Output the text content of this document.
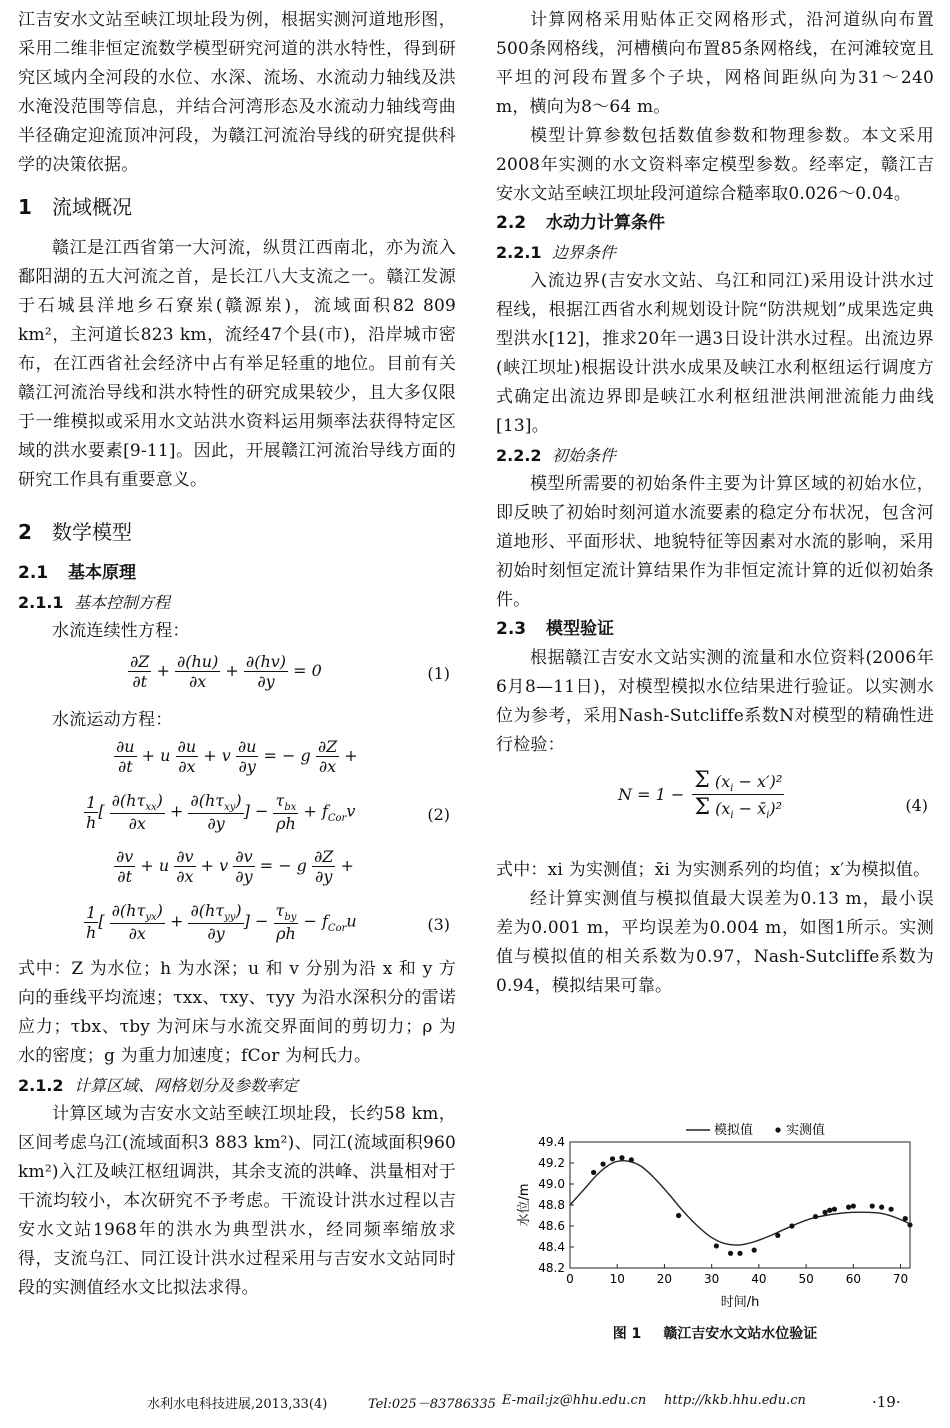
江吉安水文站至峡江坝址段为例，根据实测河道地形图，采用二维非恒定流数学模型研究河道的洪水特性，得到研究区域内全河段的水位、水深、流场、水流动力轴线及洪水淹没范围等信息，并结合河湾形态及水流动力轴线弯曲半径确定迎流顶冲河段，为赣江河流治导线的研究提供科学的决策依据。

1 流域概况

赣江是江西省第一大河流，纵贯江西南北，亦为流入鄱阳湖的五大河流之首，是长江八大支流之一。赣江发源于石城县洋地乡石寮岽(赣源岽)，流域面积82 809 km²，主河道长823 km，流经47个县(市)，沿岸城市密布，在江西省社会经济中占有举足轻重的地位。目前有关赣江河流治导线和洪水特性的研究成果较少，且大多仅限于一维模拟或采用水文站洪水资料运用频率法获得特定区域的洪水要素[9-11]。因此，开展赣江河流治导线方面的研究工作具有重要意义。

2 数学模型
2.1 基本原理
2.1.1 基本控制方程

水流连续性方程：

$\frac{\partial Z}{\partial t} + \frac{\partial(hu)}{\partial x} + \frac{\partial(hv)}{\partial y} = 0$	(1)

水流运动方程：

$\frac{\partial u}{\partial t} + u \frac{\partial u}{\partial x} + v \frac{\partial u}{\partial y}$ = − g $\frac{\partial Z}{\partial x}$ +
$\frac{1}{h}$ [ $\frac{\partial(h\tau_{xx})}{\partial x} + \frac{\partial(h\tau_{xy})}{\partial y}$ ] − $\frac{\tau_{bx}}{\rho h} + f_{Cor}v$	(2)
$\frac{\partial v}{\partial t} + u \frac{\partial v}{\partial x} + v \frac{\partial v}{\partial y}$ = − g $\frac{\partial Z}{\partial y}$ +
$\frac{1}{h}$ [ $\frac{\partial(h\tau_{yx})}{\partial x} + \frac{\partial(h\tau_{yy})}{\partial y}$ ] − $\frac{\tau_{by}}{\rho h} - f_{Cor}u$	(3)

式中：Z 为水位；h 为水深；u 和 v 分别为沿 x 和 y 方向的垂线平均流速；τxx、τxy、τyy 为沿水深积分的雷诺应力；τbx、τby 为河床与水流交界面间的剪切力；ρ 为水的密度；g 为重力加速度；fCor 为柯氏力。

2.1.2 计算区域、网格划分及参数率定

计算区域为吉安水文站至峡江坝址段，长约58 km，区间考虑乌江(流域面积3 883 km²)、同江(流域面积960 km²)入江及峡江枢纽调洪，其余支流的洪峰、洪量相对于干流均较小，本次研究不予考虑。干流设计洪水过程以吉安水文站1968年的洪水为典型洪水，经同频率缩放求得，支流乌江、同江设计洪水过程采用与吉安水文站同时段的实测值经水文比拟法求得。

计算网格采用贴体正交网格形式，沿河道纵向布置500条网格线，河槽横向布置85条网格线，在河滩较宽且平坦的河段布置多个子块，网格间距纵向为31～240 m，横向为8～64 m。

模型计算参数包括数值参数和物理参数。本文采用2008年实测的水文资料率定模型参数。经率定，赣江吉安水文站至峡江坝址段河道综合糙率取0.026～0.04。

2.2 水动力计算条件
2.2.1 边界条件

入流边界(吉安水文站、乌江和同江)采用设计洪水过程线，根据江西省水利规划设计院“防洪规划”成果选定典型洪水[12]，推求20年一遇3日设计洪水过程。出流边界(峡江坝址)根据设计洪水成果及峡江水利枢纽运行调度方式确定出流边界即是峡江水利枢纽泄洪闸泄流能力曲线[13]。

2.2.2 初始条件

模型所需要的初始条件主要为计算区域的初始水位，即反映了初始时刻河道水流要素的稳定分布状况，包含河道地形、平面形状、地貌特征等因素对水流的影响，采用初始时刻恒定流计算结果作为非恒定流计算的近似初始条件。

2.3 模型验证

根据赣江吉安水文站实测的流量和水位资料(2006年6月8—11日)，对模型模拟水位结果进行验证。以实测水位为参考，采用Nash-Sutcliffe系数N对模型的精确性进行检验：

$N = 1 - \frac{\Sigma (x_i - x')^2}{\Sigma (x_i - x̄_i)^2}$	(4)

式中：xi 为实测值；x̄i 为实测系列的均值；x′为模拟值。

经计算实测值与模拟值最大误差为0.13 m，最小误差为0.001 m，平均误差为0.004 m，如图1所示。实测值与模拟值的相关系数为0.97，Nash-Sutcliffe系数为0.94，模拟结果可靠。

模拟值	实测值
0	10	20	30	40	50	60	70
48.2
48.4
48.6
48.8
49.0
49.2
49.4
时间/h
水位/m
图 1 赣江吉安水文站水位验证
水利水电科技进展,2013,33(4)	Tel:025－83786335 E-mail:jz@hhu.edu.cn http://kkb.hhu.edu.cn	·19·
